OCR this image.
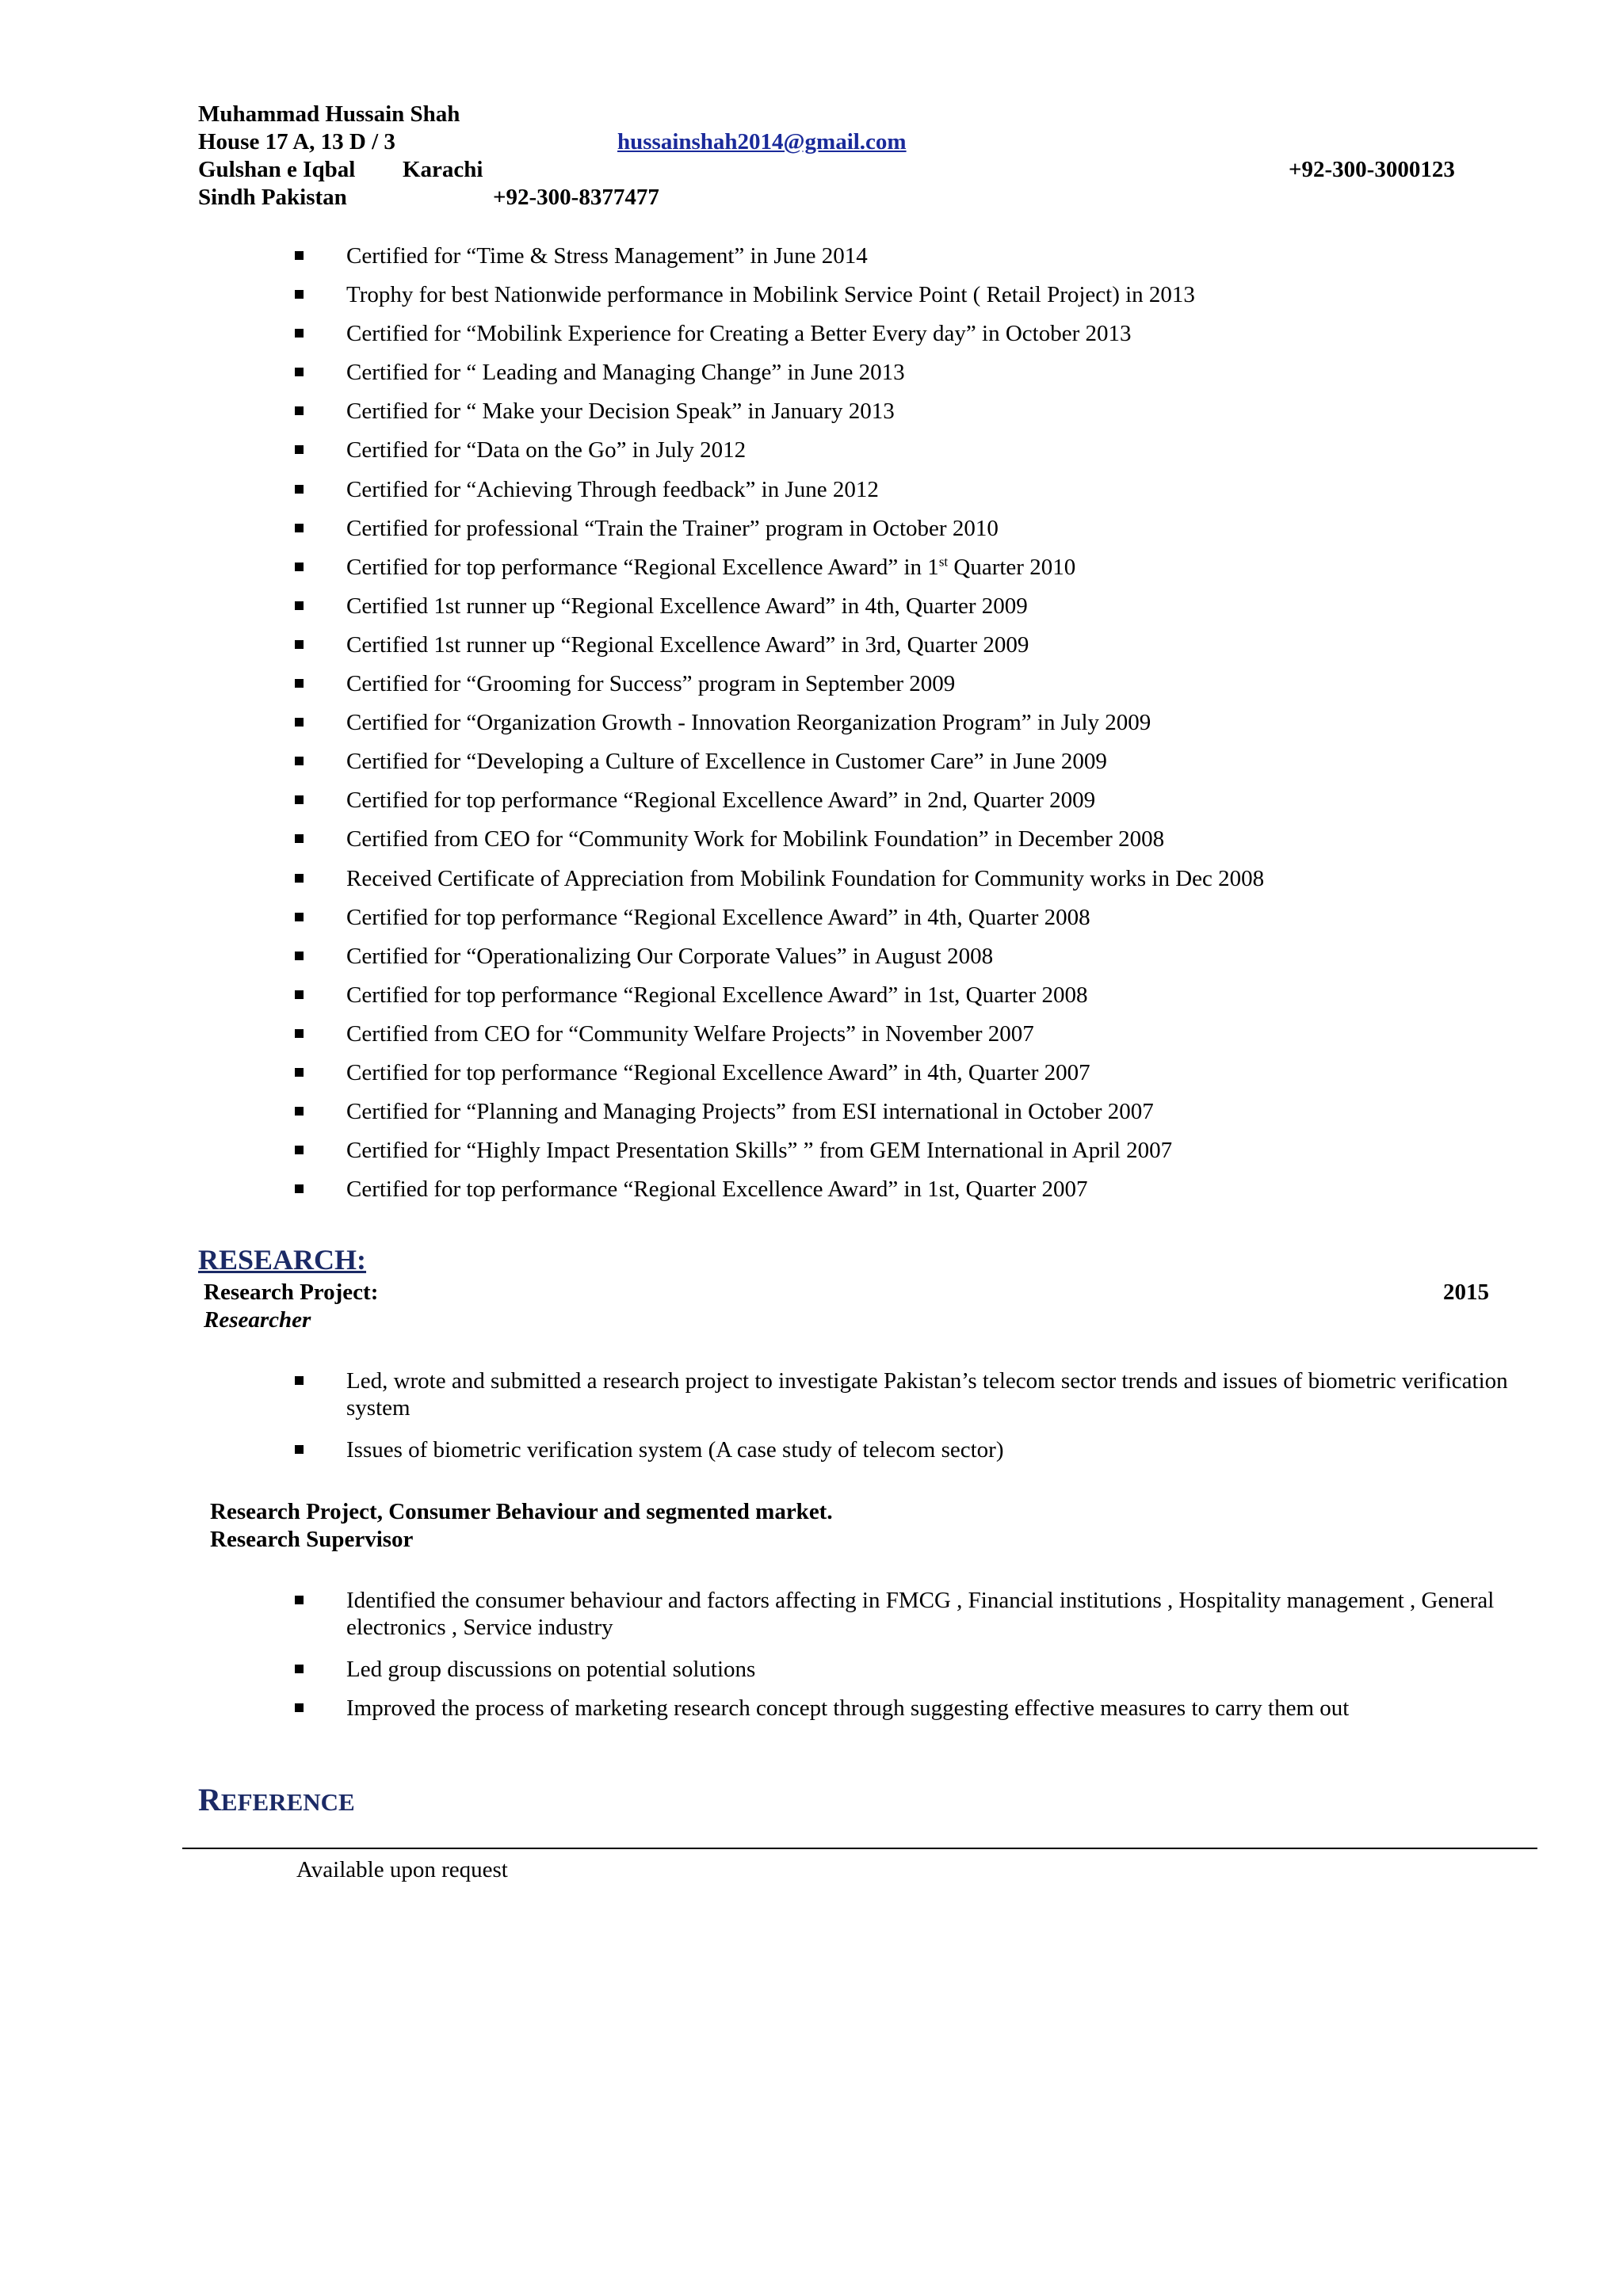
Muhammad Hussain Shah
House 17 A, 13 D / 3	hussainshah2014@gmail.com
Gulshan e Iqbal Karachi	+92-300-3000123
Sindh Pakistan	+92-300-8377477
Certified for “Time & Stress Management” in June 2014
Trophy for best Nationwide performance in Mobilink Service Point ( Retail Project) in 2013
Certified for “Mobilink Experience for Creating a Better Every day” in October 2013
Certified for “ Leading and Managing Change” in June 2013
Certified for “ Make your Decision Speak” in January 2013
Certified for “Data on the Go” in July 2012
Certified for “Achieving Through feedback” in June 2012
Certified for professional “Train the Trainer” program in October 2010
Certified for top performance “Regional Excellence Award” in 1st Quarter 2010
Certified 1st runner up “Regional Excellence Award” in 4th, Quarter 2009
Certified 1st runner up “Regional Excellence Award” in 3rd, Quarter 2009
Certified for “Grooming for Success” program in September 2009
Certified for “Organization Growth - Innovation Reorganization Program” in July 2009
Certified for “Developing a Culture of Excellence in Customer Care” in June 2009
Certified for top performance “Regional Excellence Award” in 2nd, Quarter 2009
Certified from CEO for “Community Work for Mobilink Foundation” in December 2008
Received Certificate of Appreciation from Mobilink Foundation for Community works in Dec 2008
Certified for top performance “Regional Excellence Award” in 4th, Quarter 2008
Certified for “Operationalizing Our Corporate Values” in August 2008
Certified for top performance “Regional Excellence Award” in 1st, Quarter 2008
Certified from CEO for “Community Welfare Projects” in November 2007
Certified for top performance “Regional Excellence Award” in 4th, Quarter 2007
Certified for “Planning and Managing Projects” from ESI international in October 2007
Certified for “Highly Impact Presentation Skills” ” from GEM International in April 2007
Certified for top performance “Regional Excellence Award” in 1st, Quarter 2007
RESEARCH:
Research Project:	2015
Researcher
Led, wrote and submitted a research project to investigate Pakistan’s telecom sector trends and issues of biometric verification system
Issues of biometric verification system (A case study of telecom sector)
Research Project, Consumer Behaviour and segmented market.
Research Supervisor
Identified the consumer behaviour and factors affecting in FMCG , Financial institutions , Hospitality management , General electronics , Service industry
Led group discussions on potential solutions
Improved the process of marketing research concept through suggesting effective measures to carry them out
REFERENCE
Available upon request
